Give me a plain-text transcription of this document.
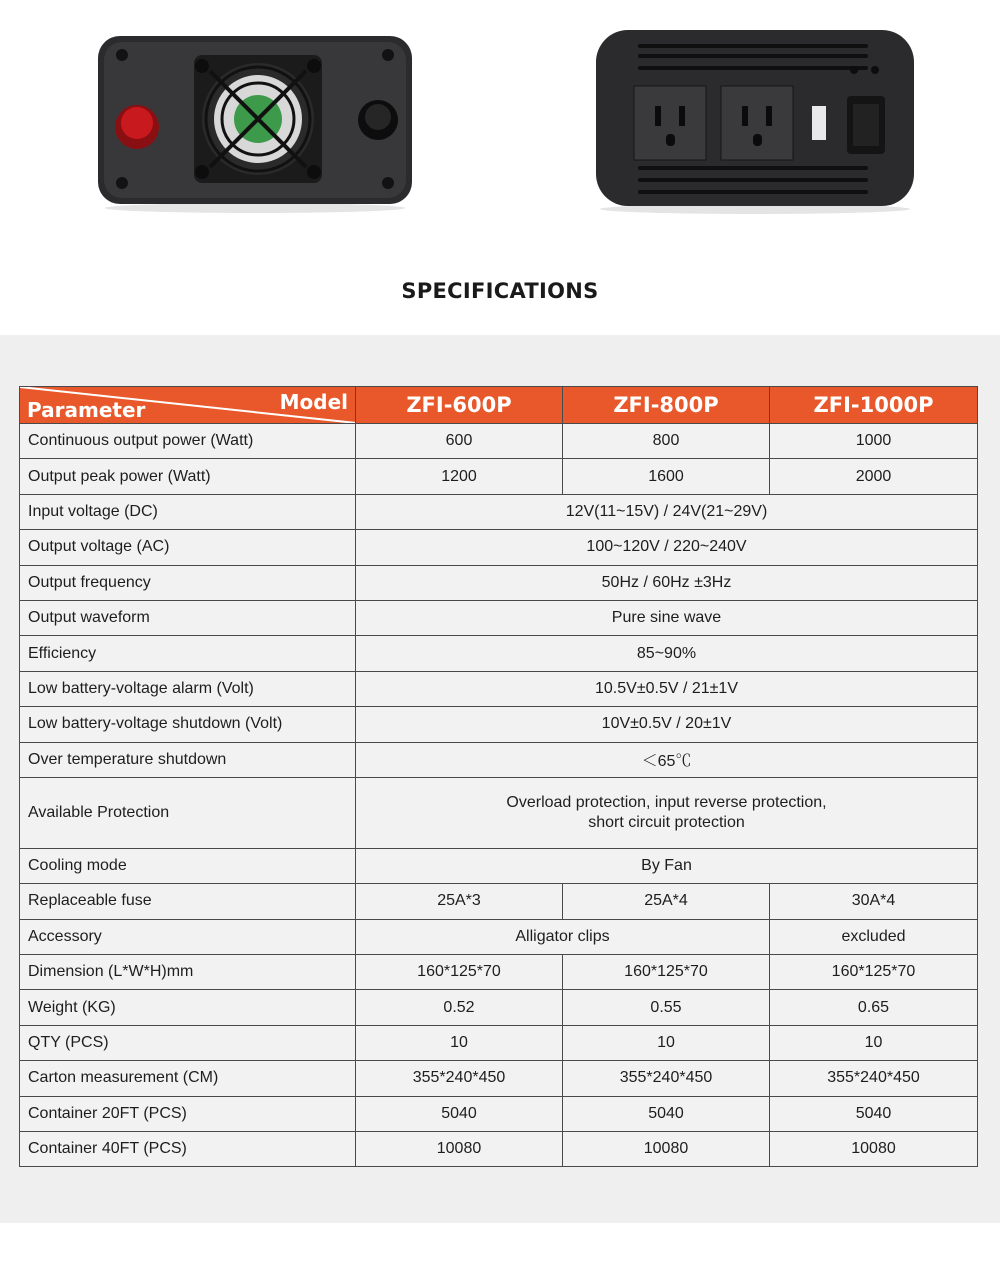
SPECIFICATIONS
Model
Parameter	ZFI-600P	ZFI-800P	ZFI-1000P
Continuous output power (Watt)	600	800	1000
Output peak power (Watt)	1200	1600	2000
Input voltage (DC)	12V(11~15V) / 24V(21~29V)		
Output voltage (AC)	100~120V / 220~240V		
Output frequency	50Hz / 60Hz ±3Hz		
Output waveform	Pure sine wave		
Efficiency	85~90%		
Low battery-voltage alarm (Volt)	10.5V±0.5V / 21±1V		
Low battery-voltage shutdown (Volt)	10V±0.5V / 20±1V		
Over temperature shutdown	＜65℃		
Available Protection	Overload protection, input reverse protection,
short circuit protection		
Cooling mode	By Fan		
Replaceable fuse	25A*3	25A*4	30A*4
Accessory	Alligator clips		excluded
Dimension (L*W*H)mm	160*125*70	160*125*70	160*125*70
Weight (KG)	0.52	0.55	0.65
QTY (PCS)	10	10	10
Carton measurement (CM)	355*240*450	355*240*450	355*240*450
Container 20FT (PCS)	5040	5040	5040
Container 40FT (PCS)	10080	10080	10080
